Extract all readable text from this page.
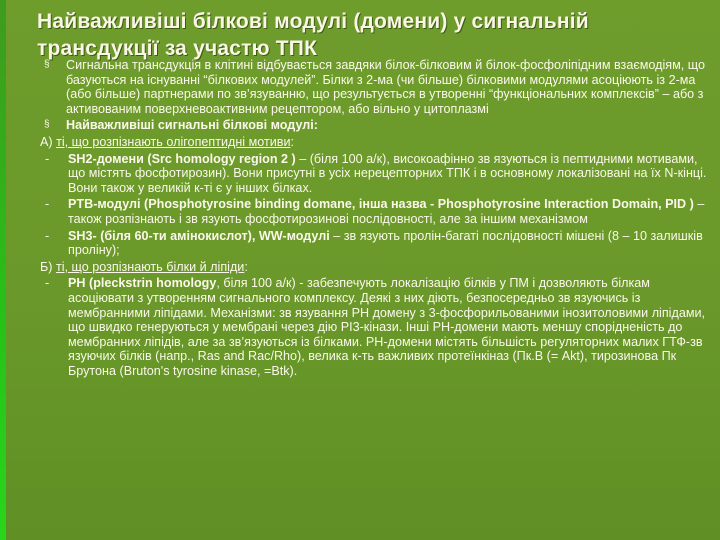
Найважливіші білкові модулі (домени) у сигнальній трансдукції за участю ТПК
§	Сигнальна трансдукція в клітині відбувається завдяки білок-білковим й білок-фосфоліпідним взаємодіям, що базуються на існуванні “білкових модулей”. Білки з 2-ма (чи більше) білковими модулями асоціюють із 2-ма (або більше) партнерами по зв’язуванню, що результується в утворенні “функціональних комплексів” – або з активованим поверхневоактивним рецептором, або вільно у цитоплазмі
§	Найважливіші сигнальні білкові модулі:
А) ті, що розпізнають олігопептидні мотиви:
-	SH2-домени (Src homology region 2 ) – (біля 100 а/к), високоафінно зв язуються із пептидними мотивами, що містять фосфотирозин). Вони присутні в усіх нерецепторних ТПК і в основному локалізовані на їх N-кінці. Вони також у великій к-ті є у інших білках.
-	PTB-модулі (Phosphotyrosine binding domane, інша назва - Phosphotyrosine Interaction Domain, PID ) – також розпізнають і зв язують фосфотирозинові послідовності, але за іншим механізмом
-	SH3- (біля 60-ти амінокислот), WW-модулі – зв язують пролін-багаті послідовності мішені (8 – 10 залишків проліну);
Б) ті, що розпізнають білки й ліпіди:
-	PH (pleckstrin homology, біля 100 а/к) - забезпечують локалізацію білків у ПМ і дозволяють білкам асоціювати з утворенням сигнального комплексу. Деякі з них діють, безпосередньо зв язуючись із мембранними ліпідами. Механізми: зв язування PH домену з 3-фосфорильованими інозитоловими ліпідами, що швидко генеруються у мембрані через дію PI3-кінази. Інші PH-домени мають меншу спорідненість до мембранних ліпідів, але за зв’язуються із білками. PH-домени містять більшість регуляторних малих ГТФ-зв язуючих білків (напр., Ras and Rac/Rho), велика к-ть важливих протеїнкіназ (Пк.В (= Akt), тирозинова Пк Брутона (Bruton's tyrosine kinase, =Btk).
